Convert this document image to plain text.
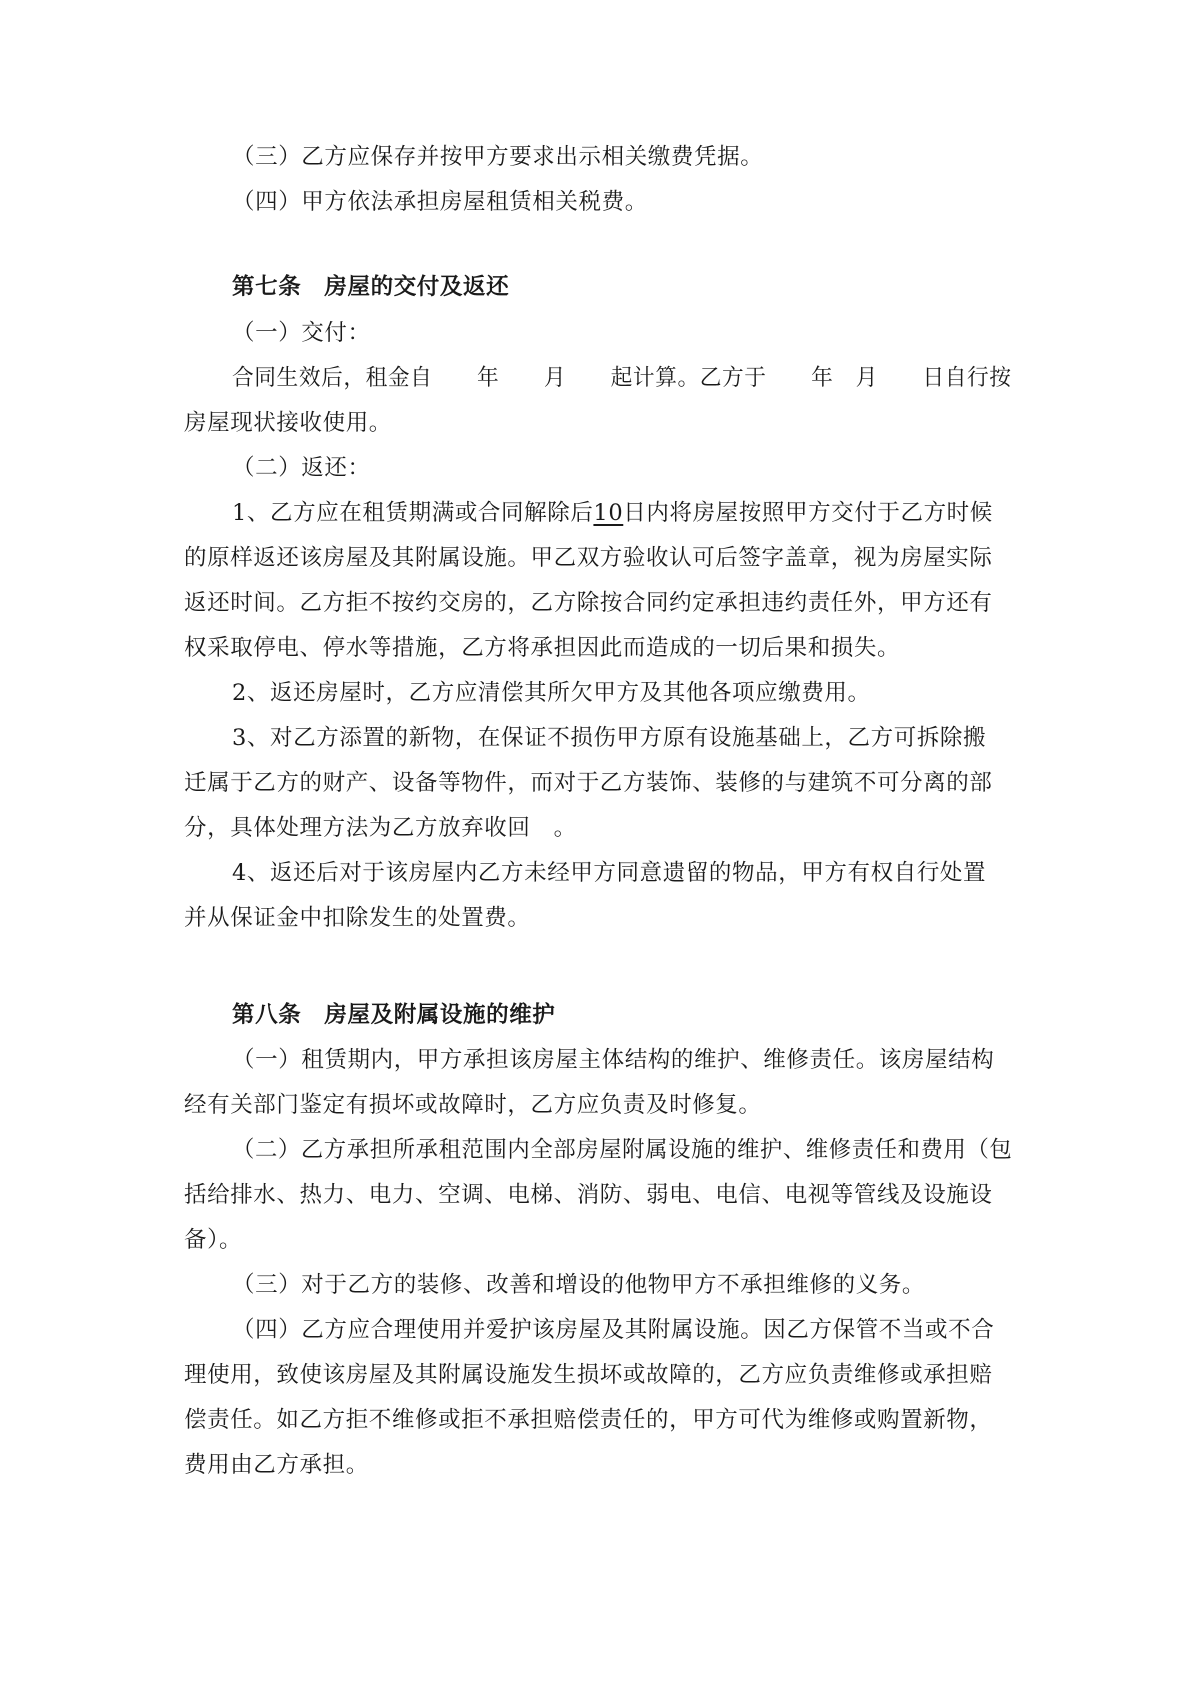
（三）乙方应保存并按甲方要求出示相关缴费凭据。
（四）甲方依法承担房屋租赁相关税费。
第七条　房屋的交付及返还
（一）交付：
合同生效后，租金自　　年　　月　　起计算。乙方于　　年　月　　日自行按
房屋现状接收使用。
（二）返还：
1、乙方应在租赁期满或合同解除后10日内将房屋按照甲方交付于乙方时候
的原样返还该房屋及其附属设施。甲乙双方验收认可后签字盖章，视为房屋实际
返还时间。乙方拒不按约交房的，乙方除按合同约定承担违约责任外，甲方还有
权采取停电、停水等措施，乙方将承担因此而造成的一切后果和损失。
2、返还房屋时，乙方应清偿其所欠甲方及其他各项应缴费用。
3、对乙方添置的新物，在保证不损伤甲方原有设施基础上，乙方可拆除搬
迁属于乙方的财产、设备等物件，而对于乙方装饰、装修的与建筑不可分离的部
分，具体处理方法为乙方放弃收回　。
4、返还后对于该房屋内乙方未经甲方同意遗留的物品，甲方有权自行处置
并从保证金中扣除发生的处置费。
第八条　房屋及附属设施的维护
（一）租赁期内，甲方承担该房屋主体结构的维护、维修责任。该房屋结构
经有关部门鉴定有损坏或故障时，乙方应负责及时修复。
（二）乙方承担所承租范围内全部房屋附属设施的维护、维修责任和费用（包
括给排水、热力、电力、空调、电梯、消防、弱电、电信、电视等管线及设施设
备）。
（三）对于乙方的装修、改善和增设的他物甲方不承担维修的义务。
（四）乙方应合理使用并爱护该房屋及其附属设施。因乙方保管不当或不合
理使用，致使该房屋及其附属设施发生损坏或故障的，乙方应负责维修或承担赔
偿责任。如乙方拒不维修或拒不承担赔偿责任的，甲方可代为维修或购置新物，
费用由乙方承担。
